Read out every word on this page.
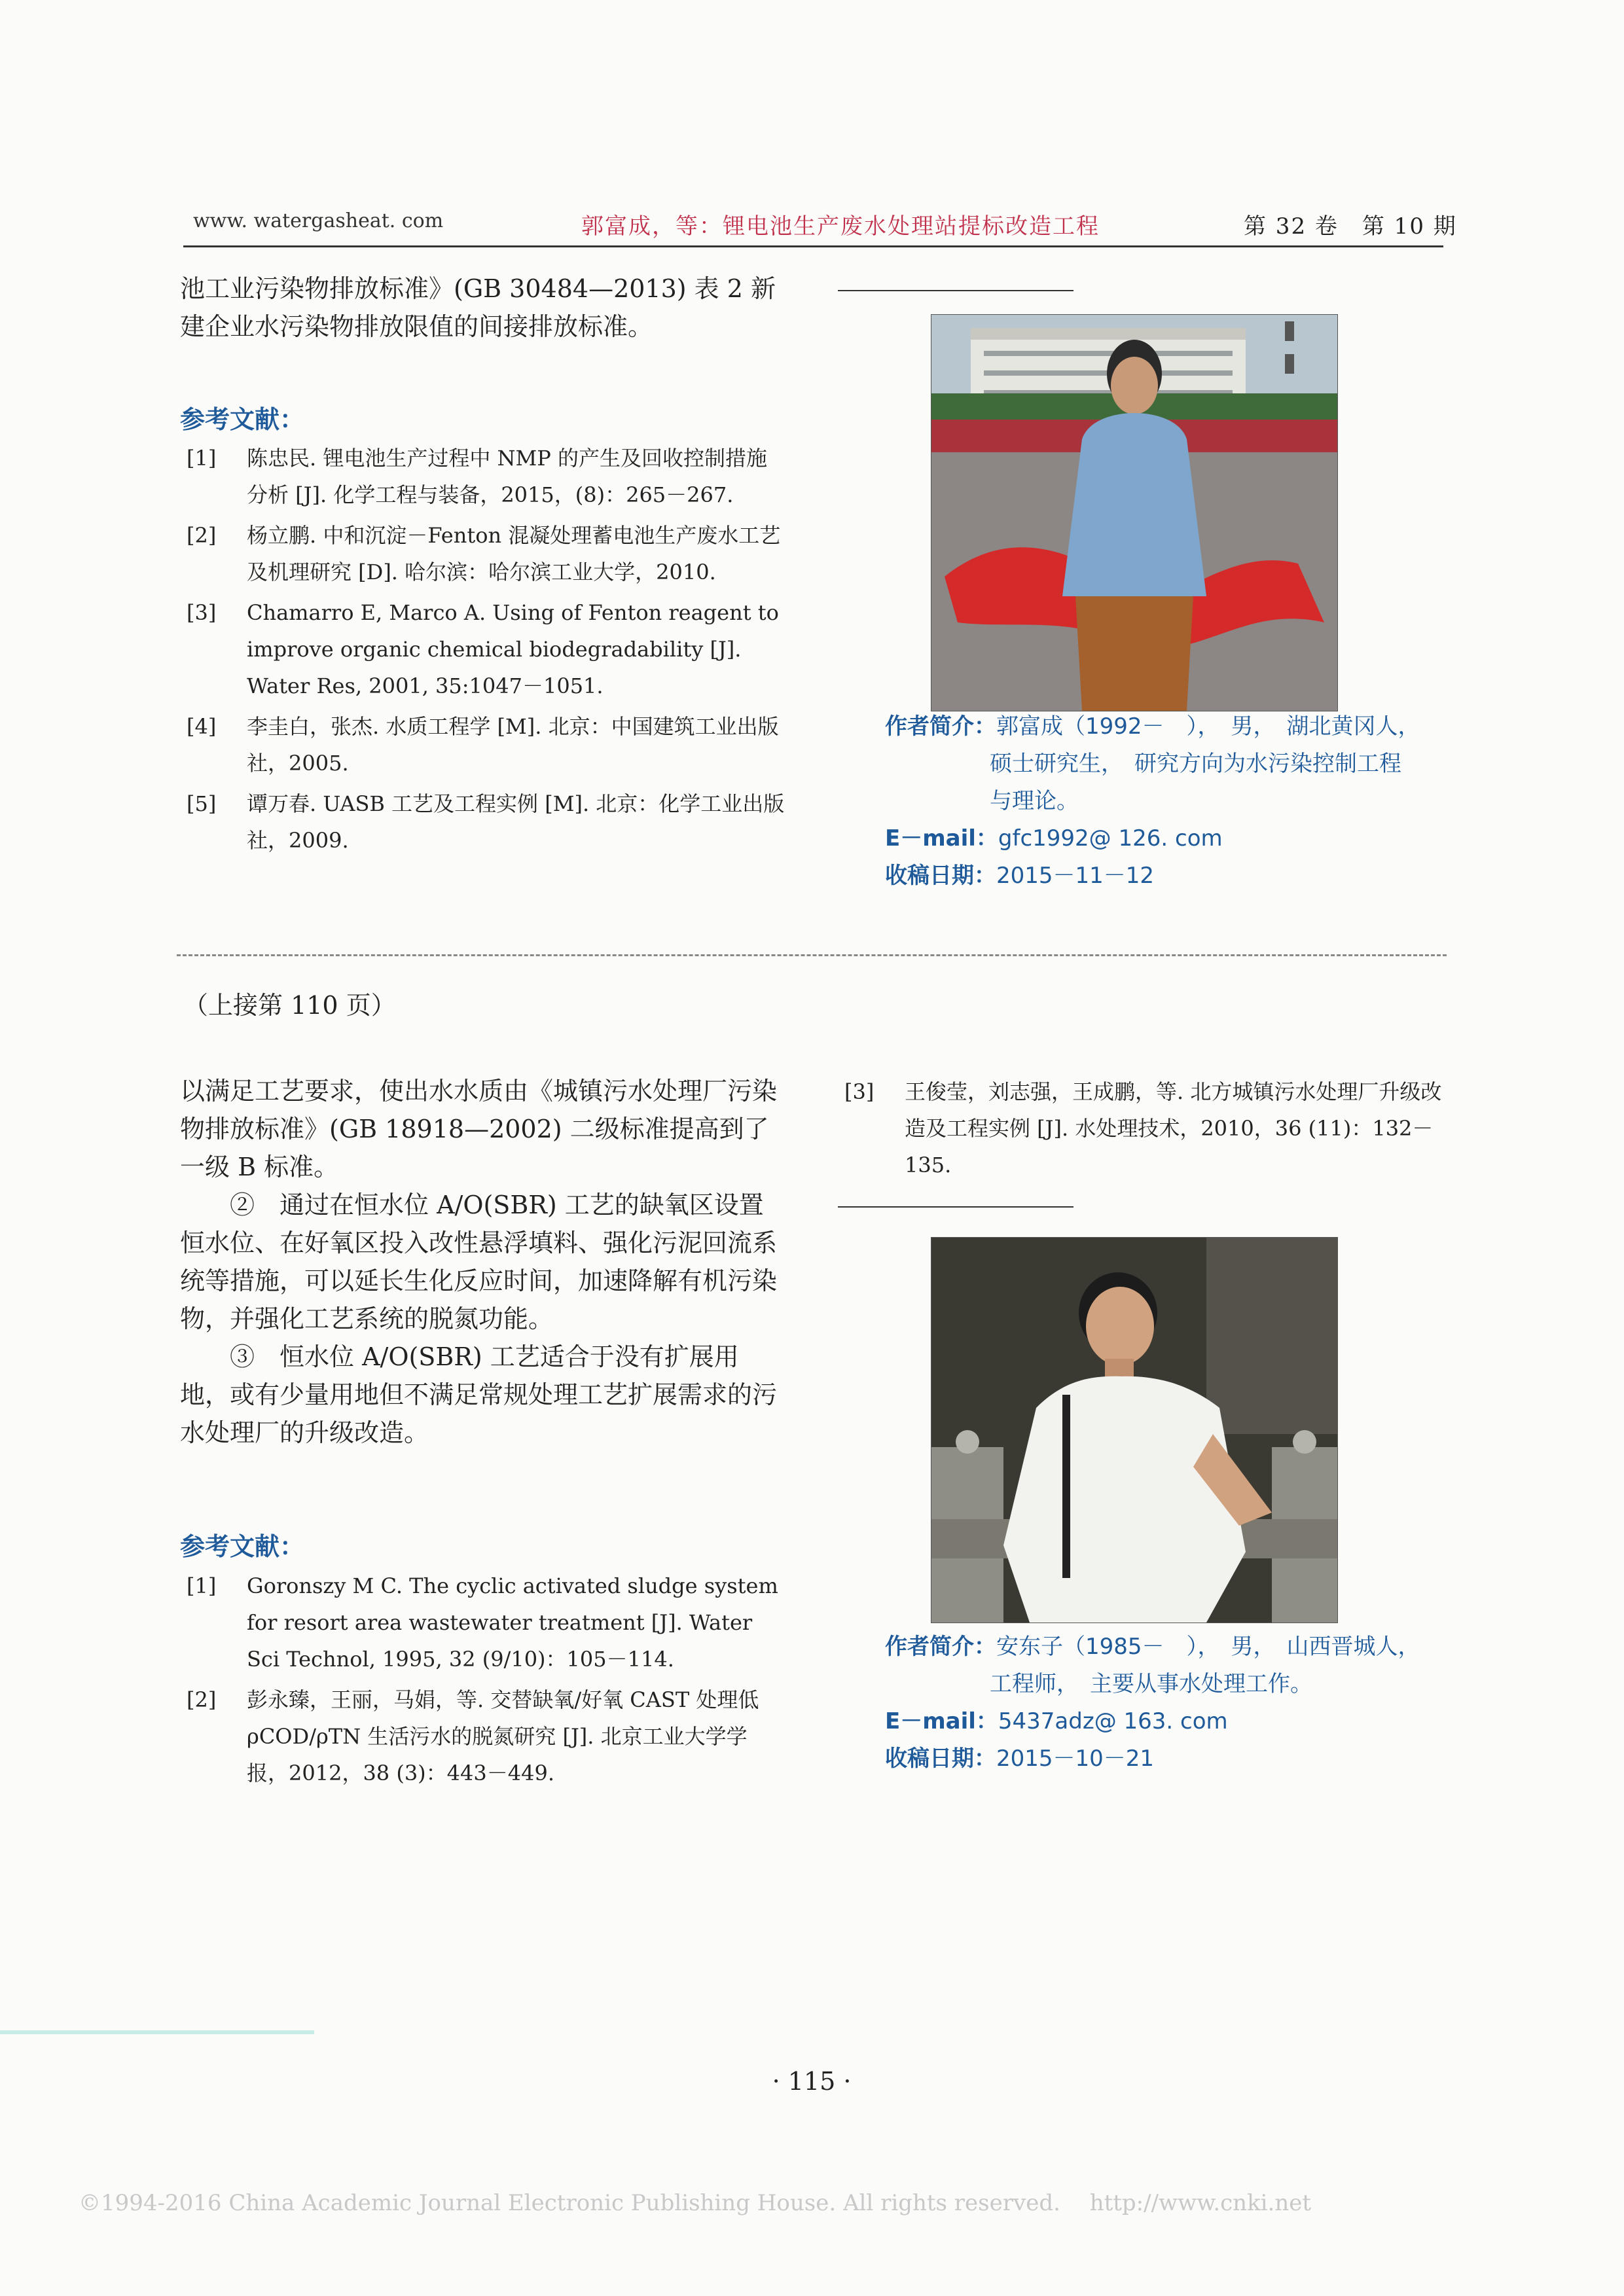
www. watergasheat. com	郭富成，等：锂电池生产废水处理站提标改造工程	第 32 卷　第 10 期

池工业污染物排放标准》(GB 30484—2013) 表 2 新建企业水污染物排放限值的间接排放标准。

参考文献：
[1] 陈忠民. 锂电池生产过程中 NMP 的产生及回收控制措施分析 [J]. 化学工程与装备，2015，(8)：265－267.
[2] 杨立鹏. 中和沉淀－Fenton 混凝处理蓄电池生产废水工艺及机理研究 [D]. 哈尔滨：哈尔滨工业大学，2010.
[3] Chamarro E, Marco A. Using of Fenton reagent to improve organic chemical biodegradability [J]. Water Res, 2001, 35:1047－1051.
[4] 李圭白，张杰. 水质工程学 [M]. 北京：中国建筑工业出版社，2005.
[5] 谭万春. UASB 工艺及工程实例 [M]. 北京：化学工业出版社，2009.
作者简介：郭富成（1992－　），　男，　湖北黄冈人，
硕士研究生，　研究方向为水污染控制工程
与理论。
E－mail：gfc1992@ 126. com
收稿日期：2015－11－12
（上接第 110 页）

以满足工艺要求，使出水水质由《城镇污水处理厂污染物排放标准》(GB 18918—2002) 二级标准提高到了一级 B 标准。

②　通过在恒水位 A/O(SBR) 工艺的缺氧区设置恒水位、在好氧区投入改性悬浮填料、强化污泥回流系统等措施，可以延长生化反应时间，加速降解有机污染物，并强化工艺系统的脱氮功能。

③　恒水位 A/O(SBR) 工艺适合于没有扩展用地，或有少量用地但不满足常规处理工艺扩展需求的污水处理厂的升级改造。

参考文献：
[1] Goronszy M C. The cyclic activated sludge system for resort area wastewater treatment [J]. Water Sci Technol, 1995, 32 (9/10)：105－114.
[2] 彭永臻，王丽，马娟，等. 交替缺氧/好氧 CAST 处理低 ρCOD/ρTN 生活污水的脱氮研究 [J]. 北京工业大学学报，2012，38 (3)：443－449.
[3] 王俊莹，刘志强，王成鹏，等. 北方城镇污水处理厂升级改造及工程实例 [J]. 水处理技术，2010，36 (11)：132－135.
作者简介：安东子（1985－　），　男，　山西晋城人，
工程师，　主要从事水处理工作。
E－mail：5437adz@ 163. com
收稿日期：2015－10－21
· 115 ·
©1994-2016 China Academic Journal Electronic Publishing House. All rights reserved.　 http://www.cnki.net
